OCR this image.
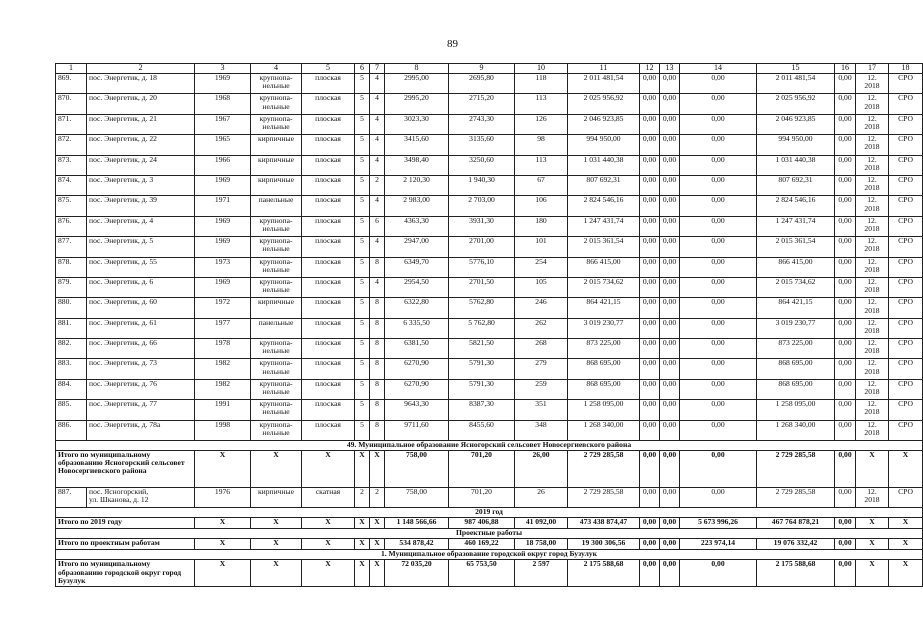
89
1	2	3	4	5	6	7	8	9	10	11	12	13	14	15	16	17	18
869.	пос. Энергетик, д. 18	1969	крупнопа-
нельные	плоская	5	4	2995,00	2695,80	118	2 011 481,54	0,00	0,00	0,00	2 011 481,54	0,00	12.
2018	СРО
870.	пос. Энергетик, д. 20	1968	крупнопа-
нельные	плоская	5	4	2995,20	2715,20	113	2 025 956,92	0,00	0,00	0,00	2 025 956,92	0,00	12.
2018	СРО
871.	пос. Энергетик, д. 21	1967	крупнопа-
нельные	плоская	5	4	3023,30	2743,30	126	2 046 923,85	0,00	0,00	0,00	2 046 923,85	0,00	12.
2018	СРО
872.	пос. Энергетик, д. 22	1965	кирпичные	плоская	5	4	3415,60	3135,60	98	994 950,00	0,00	0,00	0,00	994 950,00	0,00	12.
2018	СРО
873.	пос. Энергетик, д. 24	1966	кирпичные	плоская	5	4	3498,40	3250,60	113	1 031 440,38	0,00	0,00	0,00	1 031 440,38	0,00	12.
2018	СРО
874.	пос. Энергетик, д. 3	1969	кирпичные	плоская	5	2	2 120,30	1 940,30	67	807 692,31	0,00	0,00	0,00	807 692,31	0,00	12.
2018	СРО
875.	пос. Энергетик, д. 39	1971	панельные	плоская	5	4	2 983,00	2 703,00	106	2 824 546,16	0,00	0,00	0,00	2 824 546,16	0,00	12.
2018	СРО
876.	пос. Энергетик, д. 4	1969	крупнопа-
нельные	плоская	5	6	4363,30	3931,30	180	1 247 431,74	0,00	0,00	0,00	1 247 431,74	0,00	12.
2018	СРО
877.	пос. Энергетик, д. 5	1969	крупнопа-
нельные	плоская	5	4	2947,00	2701,00	101	2 015 361,54	0,00	0,00	0,00	2 015 361,54	0,00	12.
2018	СРО
878.	пос. Энергетик, д. 55	1973	крупнопа-
нельные	плоская	5	8	6349,70	5776,10	254	866 415,00	0,00	0,00	0,00	866 415,00	0,00	12.
2018	СРО
879.	пос. Энергетик, д. 6	1969	крупнопа-
нельные	плоская	5	4	2954,50	2701,50	105	2 015 734,62	0,00	0,00	0,00	2 015 734,62	0,00	12.
2018	СРО
880.	пос. Энергетик, д. 60	1972	кирпичные	плоская	5	8	6322,80	5762,80	246	864 421,15	0,00	0,00	0,00	864 421,15	0,00	12.
2018	СРО
881.	пос. Энергетик, д. 61	1977	панельные	плоская	5	8	6 335,50	5 762,80	262	3 019 230,77	0,00	0,00	0,00	3 019 230,77	0,00	12.
2018	СРО
882.	пос. Энергетик, д. 66	1978	крупнопа-
нельные	плоская	5	8	6381,50	5821,50	268	873 225,00	0,00	0,00	0,00	873 225,00	0,00	12.
2018	СРО
883.	пос. Энергетик, д. 73	1982	крупнопа-
нельные	плоская	5	8	6270,90	5791,30	279	868 695,00	0,00	0,00	0,00	868 695,00	0,00	12.
2018	СРО
884.	пос. Энергетик, д. 76	1982	крупнопа-
нельные	плоская	5	8	6270,90	5791,30	259	868 695,00	0,00	0,00	0,00	868 695,00	0,00	12.
2018	СРО
885.	пос. Энергетик, д. 77	1991	крупнопа-
нельные	плоская	5	8	9643,30	8387,30	351	1 258 095,00	0,00	0,00	0,00	1 258 095,00	0,00	12.
2018	СРО
886.	пос. Энергетик, д. 78а	1998	крупнопа-
нельные	плоская	5	8	9711,60	8455,60	348	1 268 340,00	0,00	0,00	0,00	1 268 340,00	0,00	12.
2018	СРО
49. Муниципальное образование Ясногорский сельсовет Новосергиевского района																	
Итого по муниципальному образованию Ясногорский сельсовет Новосергиевского района		Х	Х	Х	Х	Х	758,00	701,20	26,00	2 729 285,58	0,00	0,00	0,00	2 729 285,58	0,00	Х	Х
887.	пос. Ясногорский,
ул. Шканова, д. 12	1976	кирпичные	скатная	2	2	758,00	701,20	26	2 729 285,58	0,00	0,00	0,00	2 729 285,58	0,00	12.
2018	СРО
2019 год																	
Итого по 2019 году		Х	Х	Х	Х	Х	1 148 566,66	987 406,88	41 092,00	473 438 874,47	0,00	0,00	5 673 996,26	467 764 878,21	0,00	Х	Х
Проектные работы																	
Итого по проектным работам		Х	Х	Х	Х	Х	534 878,42	460 169,22	18 758,00	19 300 306,56	0,00	0,00	223 974,14	19 076 332,42	0,00	Х	Х
1. Муниципальное образование городской округ город Бузулук																	
Итого по муниципальному образованию городской округ город Бузулук		Х	Х	Х	Х	Х	72 035,20	65 753,50	2 597	2 175 588,68	0,00	0,00	0,00	2 175 588,68	0,00	Х	Х
